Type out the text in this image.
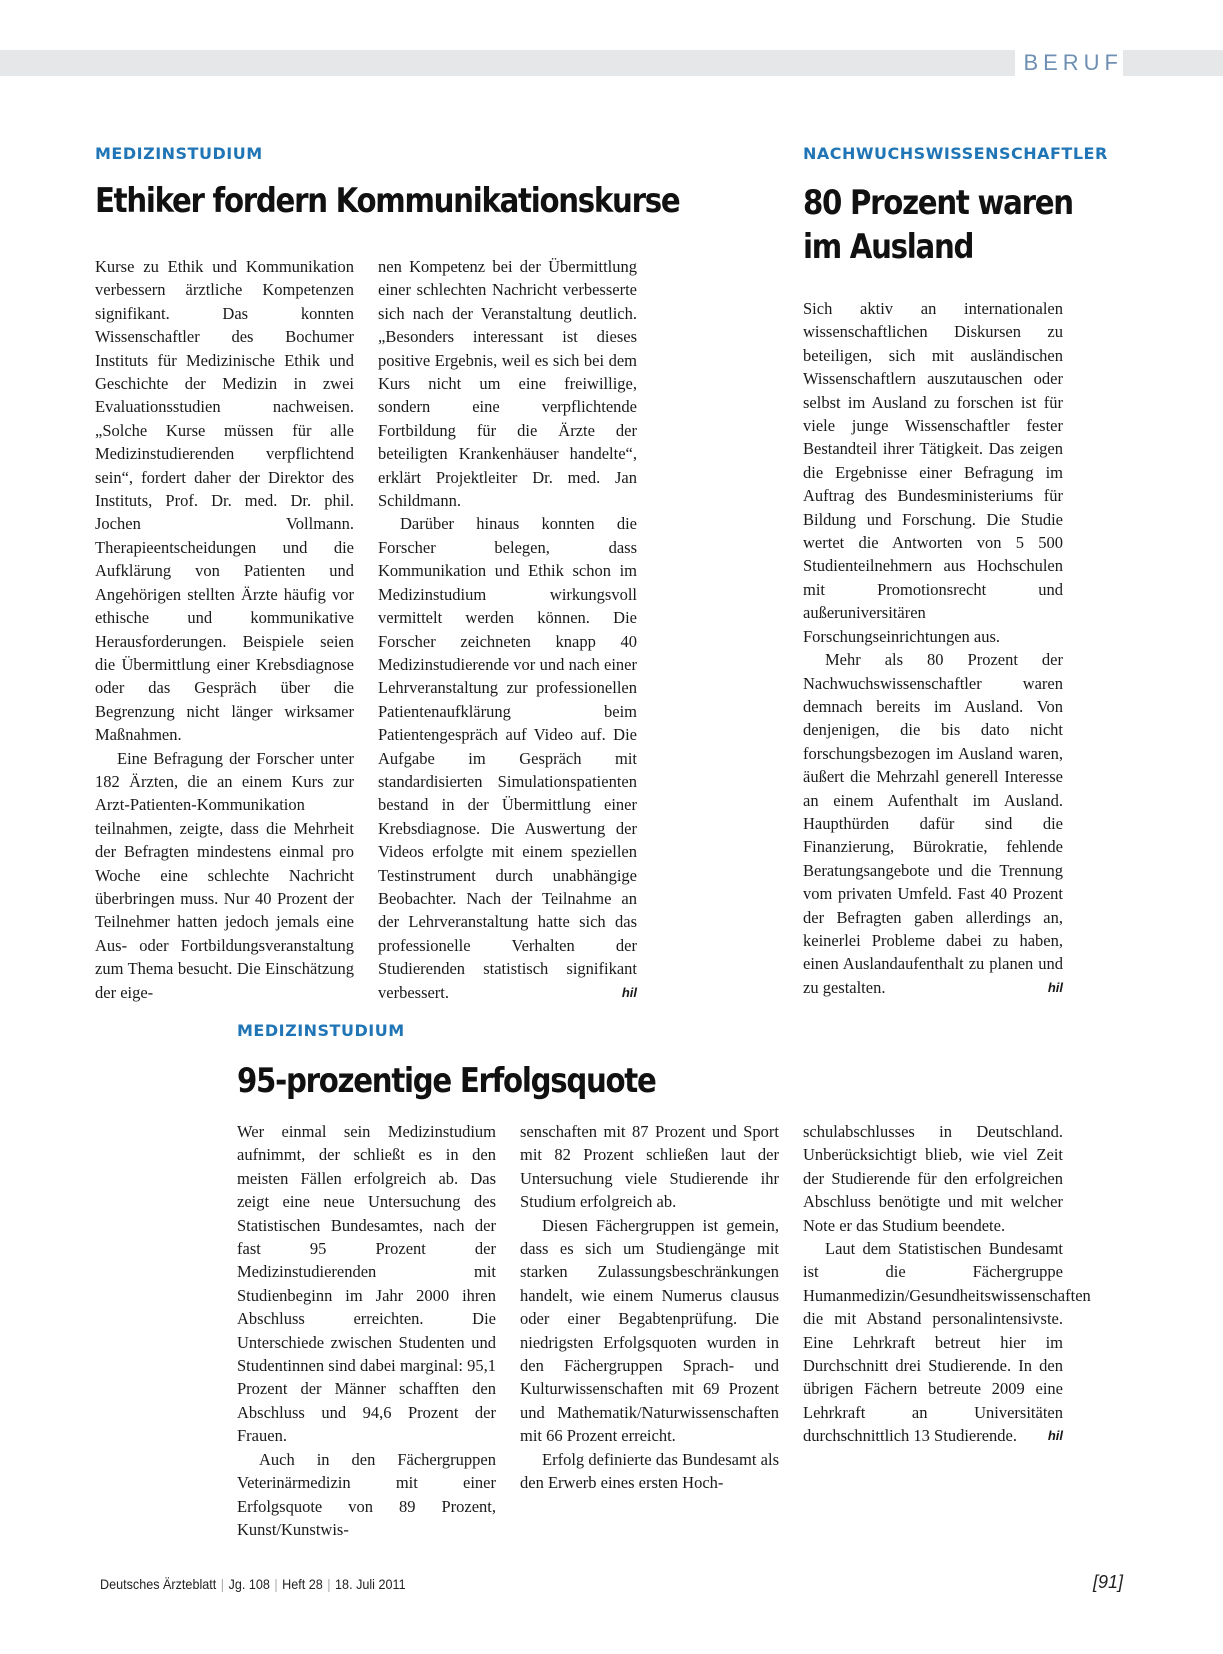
BERUF
MEDIZINSTUDIUM
Ethiker fordern Kommunikationskurse

Kurse zu Ethik und Kommunikation verbessern ärztliche Kompetenzen signifikant. Das konnten Wissenschaftler des Bochumer Instituts für Medizinische Ethik und Geschichte der Medizin in zwei Evaluationsstudien nachweisen. „Solche Kurse müssen für alle Medizinstudierenden verpflichtend sein“, fordert daher der Direktor des Instituts, Prof. Dr. med. Dr. phil. Jochen Vollmann. Therapieentscheidungen und die Aufklärung von Patienten und Angehörigen stellten Ärzte häufig vor ethische und kommunikative Herausforderungen. Beispiele seien die Übermittlung einer Krebsdiagnose oder das Gespräch über die Begrenzung nicht länger wirksamer Maßnahmen.

Eine Befragung der Forscher unter 182 Ärzten, die an einem Kurs zur Arzt-Patienten-Kommunikation teilnahmen, zeigte, dass die Mehrheit der Befragten mindestens einmal pro Woche eine schlechte Nachricht überbringen muss. Nur 40 Prozent der Teilnehmer hatten jedoch jemals eine Aus- oder Fortbildungsveranstaltung zum Thema besucht. Die Einschätzung der eige-

nen Kompetenz bei der Übermittlung einer schlechten Nachricht verbesserte sich nach der Veranstaltung deutlich. „Besonders interessant ist dieses positive Ergebnis, weil es sich bei dem Kurs nicht um eine freiwillige, sondern eine verpflichtende Fortbildung für die Ärzte der beteiligten Krankenhäuser handelte“, erklärt Projektleiter Dr. med. Jan Schildmann.

Darüber hinaus konnten die Forscher belegen, dass Kommunikation und Ethik schon im Medizinstudium wirkungsvoll vermittelt werden können. Die Forscher zeichneten knapp 40 Medizinstudierende vor und nach einer Lehrveranstaltung zur professionellen Patientenaufklärung beim Patientengespräch auf Video auf. Die Aufgabe im Gespräch mit standardisierten Simulationspatienten bestand in der Übermittlung einer Krebsdiagnose. Die Auswertung der Videos erfolgte mit einem speziellen Testinstrument durch unabhängige Beobachter. Nach der Teilnahme an der Lehrveranstaltung hatte sich das professionelle Verhalten der Studierenden statistisch signifikant verbessert.	hil

NACHWUCHSWISSENSCHAFTLER
80 Prozent waren
im Ausland

Sich aktiv an internationalen wissenschaftlichen Diskursen zu beteiligen, sich mit ausländischen Wissenschaftlern auszutauschen oder selbst im Ausland zu forschen ist für viele junge Wissenschaftler fester Bestandteil ihrer Tätigkeit. Das zeigen die Ergebnisse einer Befragung im Auftrag des Bundesministeriums für Bildung und Forschung. Die Studie wertet die Antworten von 5 500 Studienteilnehmern aus Hochschulen mit Promotionsrecht und außeruniversitären Forschungseinrichtungen aus.

Mehr als 80 Prozent der Nachwuchswissenschaftler waren demnach bereits im Ausland. Von denjenigen, die bis dato nicht forschungsbezogen im Ausland waren, äußert die Mehrzahl generell Interesse an einem Aufenthalt im Ausland. Haupthürden dafür sind die Finanzierung, Bürokratie, fehlende Beratungsangebote und die Trennung vom privaten Umfeld. Fast 40 Prozent der Befragten gaben allerdings an, keinerlei Probleme dabei zu haben, einen Auslandaufenthalt zu planen und zu gestalten.	hil

MEDIZINSTUDIUM
95-prozentige Erfolgsquote

Wer einmal sein Medizinstudium aufnimmt, der schließt es in den meisten Fällen erfolgreich ab. Das zeigt eine neue Untersuchung des Statistischen Bundesamtes, nach der fast 95 Prozent der Medizinstudierenden mit Studienbeginn im Jahr 2000 ihren Abschluss erreichten. Die Unterschiede zwischen Studenten und Studentinnen sind dabei marginal: 95,1 Prozent der Männer schafften den Abschluss und 94,6 Prozent der Frauen.

Auch in den Fächergruppen Veterinärmedizin mit einer Erfolgsquote von 89 Prozent, Kunst/Kunstwis-

senschaften mit 87 Prozent und Sport mit 82 Prozent schließen laut der Untersuchung viele Studierende ihr Studium erfolgreich ab.

Diesen Fächergruppen ist gemein, dass es sich um Studiengänge mit starken Zulassungsbeschränkungen handelt, wie einem Numerus clausus oder einer Begabtenprüfung. Die niedrigsten Erfolgsquoten wurden in den Fächergruppen Sprach- und Kulturwissenschaften mit 69 Prozent und Mathematik/Naturwissenschaften mit 66 Prozent erreicht.

Erfolg definierte das Bundesamt als den Erwerb eines ersten Hoch-

schulabschlusses in Deutschland. Unberücksichtigt blieb, wie viel Zeit der Studierende für den erfolgreichen Abschluss benötigte und mit welcher Note er das Studium beendete.

Laut dem Statistischen Bundesamt ist die Fächergruppe Humanmedizin/Gesundheitswissenschaften die mit Abstand personalintensivste. Eine Lehrkraft betreut hier im Durchschnitt drei Studierende. In den übrigen Fächern betreute 2009 eine Lehrkraft an Universitäten durchschnittlich 13 Studierende.	hil

Deutsches Ärzteblatt | Jg. 108 | Heft 28 | 18. Juli 2011	[91]
